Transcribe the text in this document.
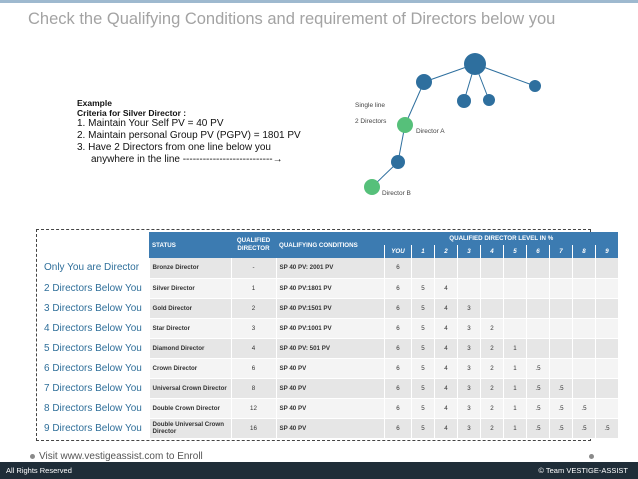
Check the Qualifying Conditions and requirement of Directors below you
Example
Criteria for Silver Director :
1. Maintain Your Self PV = 40 PV
2. Maintain personal Group PV (PGPV) = 1801 PV
3. Have 2 Directors from one line below you
anywhere in the line ---------------------------→
Single line
2 Directors
Director A
Director B
	STATUS	QUALIFIED DIRECTOR	QUALIFYING CONDITIONS	QUALIFIED DIRECTOR LEVEL IN %									
				YOU	1	2	3	4	5	6	7	8	9
Only You are Director	Bronze Director	-	SP 40 PV: 2001 PV	6									
2 Directors Below You	Silver Director	1	SP 40 PV:1801 PV	6	5	4							
3 Directors Below You	Gold Director	2	SP 40 PV:1501 PV	6	5	4	3						
4 Directors Below You	Star Director	3	SP 40 PV:1001 PV	6	5	4	3	2					
5 Directors Below You	Diamond Director	4	SP 40 PV: 501 PV	6	5	4	3	2	1				
6 Directors Below You	Crown Director	6	SP 40 PV	6	5	4	3	2	1	.5			
7 Directors Below You	Universal Crown Director	8	SP 40 PV	6	5	4	3	2	1	.5	.5		
8 Directors Below You	Double Crown Director	12	SP 40 PV	6	5	4	3	2	1	.5	.5	.5	
9 Directors Below You	Double Universal Crown Director	16	SP 40 PV	6	5	4	3	2	1	.5	.5	.5	.5
Visit www.vestigeassist.com to Enroll
All Rights Reserved	© Team VESTIGE-ASSIST
